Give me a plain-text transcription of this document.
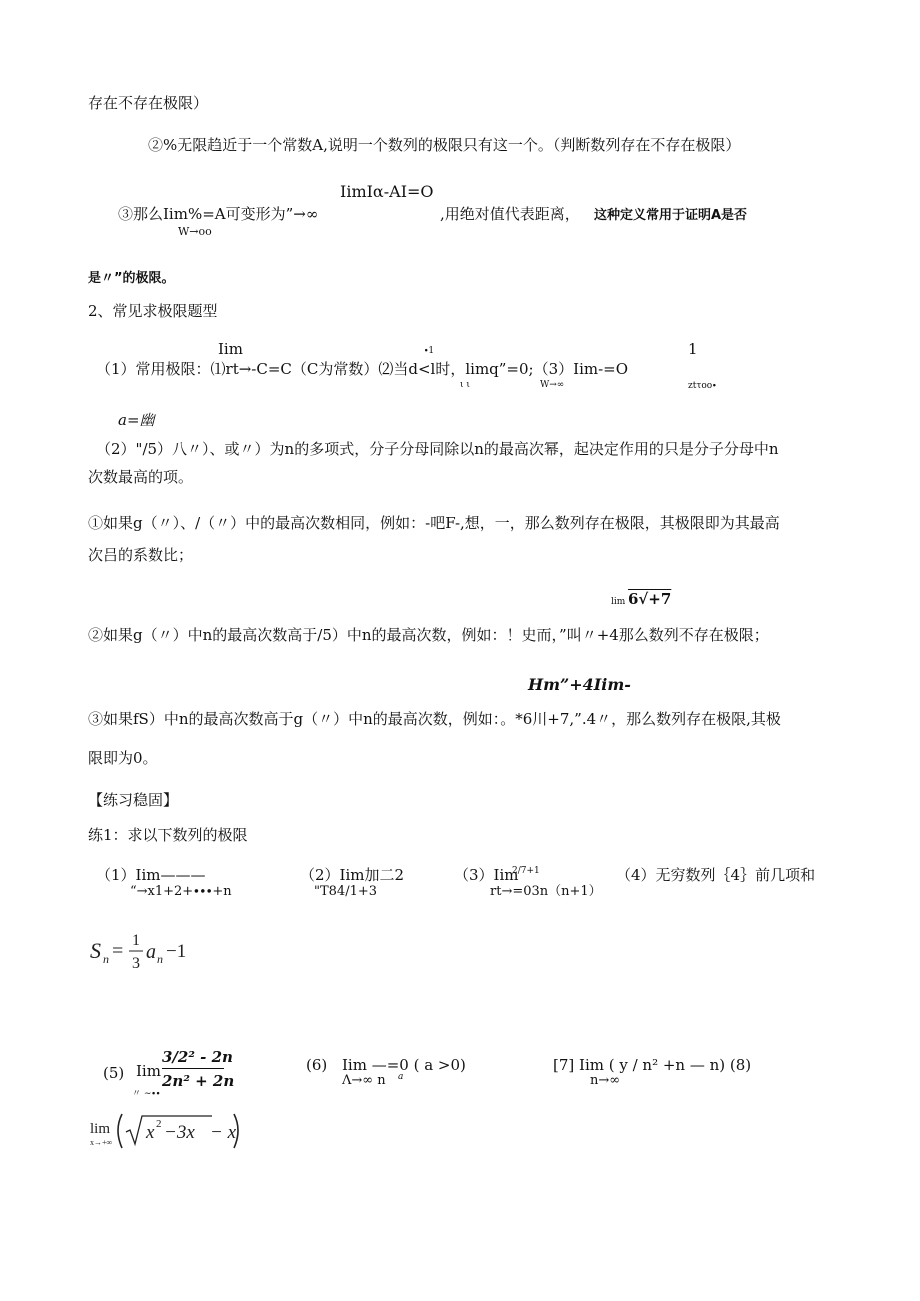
存在不存在极限）
②%无限趋近于一个常数A,说明一个数列的极限只有这一个。（判断数列存在不存在极限）
IimIα-AI=O
③那么Iim%=A可变形为”→∞
W→oo
,用绝对值代表距离， 这种定义常用于证明A是否
是〃”的极限。
2、常见求极限题型
Iim	∙1	1
（1）常用极限：⑴rt→-C=C（C为常数）⑵当d<l时，limq”=0;（3）Iim-=O
ι ι	W→∞	ztτoo∙
a=幽
（2）"/5）八〃）、或〃）为n的多项式，分子分母同除以n的最高次幂，起决定作用的只是分子分母中n
次数最高的项。
①如果g（〃）、/（〃）中的最高次数相同，例如：-吧F-,想，一，那么数列存在极限，其极限即为其最高
次吕的系数比；
lim 6√+7
②如果g（〃）中n的最高次数高于/5）中n的最高次数，例如：！史而，”叫〃+4那么数列不存在极限；
Hm”+4Iim-
③如果fS）中n的最高次数高于g（〃）中n的最高次数，例如：。*6川+7,”.4〃，那么数列存在极限,其极
限即为0。
【练习稳固】
练1：求以下数列的极限
（1）Iim———
“→x1+2+∙∙∙+n
（2）Iim加二2
"T84/1+3
（3）Iim
2/7+1
rt→=03n（n+1）
（4）无穷数列｛4｝前几项和
S n = 1
3
a n −1
(5) Iim
3/2² - 2n
2n² + 2n
〃 ∼∙∙
(6) Iim —=0 ( a >0)
Λ→∞ n a
[7] Iim ( y / n² +n — n) (8)
n→∞
lim
x→+∞ x 2 −3x − x
